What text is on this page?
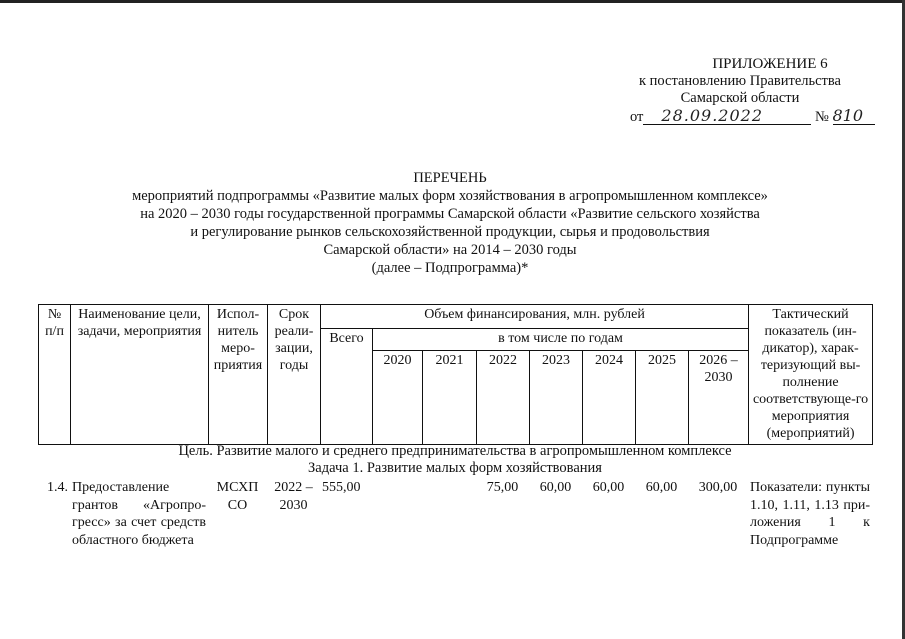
ПРИЛОЖЕНИЕ 6
к постановлению Правительства
Самарской области
от 28.09.2022	№ 810
ПЕРЕЧЕНЬ
мероприятий подпрограммы «Развитие малых форм хозяйствования в агропромышленном комплексе»
на 2020 – 2030 годы государственной программы Самарской области «Развитие сельского хозяйства
и регулирование рынков сельскохозяйственной продукции, сырья и продовольствия
Самарской области» на 2014 – 2030 годы
(далее – Подпрограмма)*
№ п/п	Наименование цели, задачи, мероприятия	Испол-нитель меро-приятия	Срок реали-зации, годы	Объем финансирования, млн. рублей								Тактический показатель (ин-дикатор), харак-теризующий вы-полнение соответствующе-го мероприятия (мероприятий)
				Всего	в том числе по годам							
					2020	2021	2022	2023	2024	2025	2026 – 2030	
Цель. Развитие малого и среднего предпринимательства в агропромышленном комплексе
Задача 1. Развитие малых форм хозяйствования
1.4.	Предоставление грантов «Агропро-гресс» за счет средств областного бюджета	МСХП СО	2022 – 2030	555,00			75,00	60,00	60,00	60,00	300,00	Показатели: пункты 1.10, 1.11, 1.13 при-ложения 1 к Подпрограмме
